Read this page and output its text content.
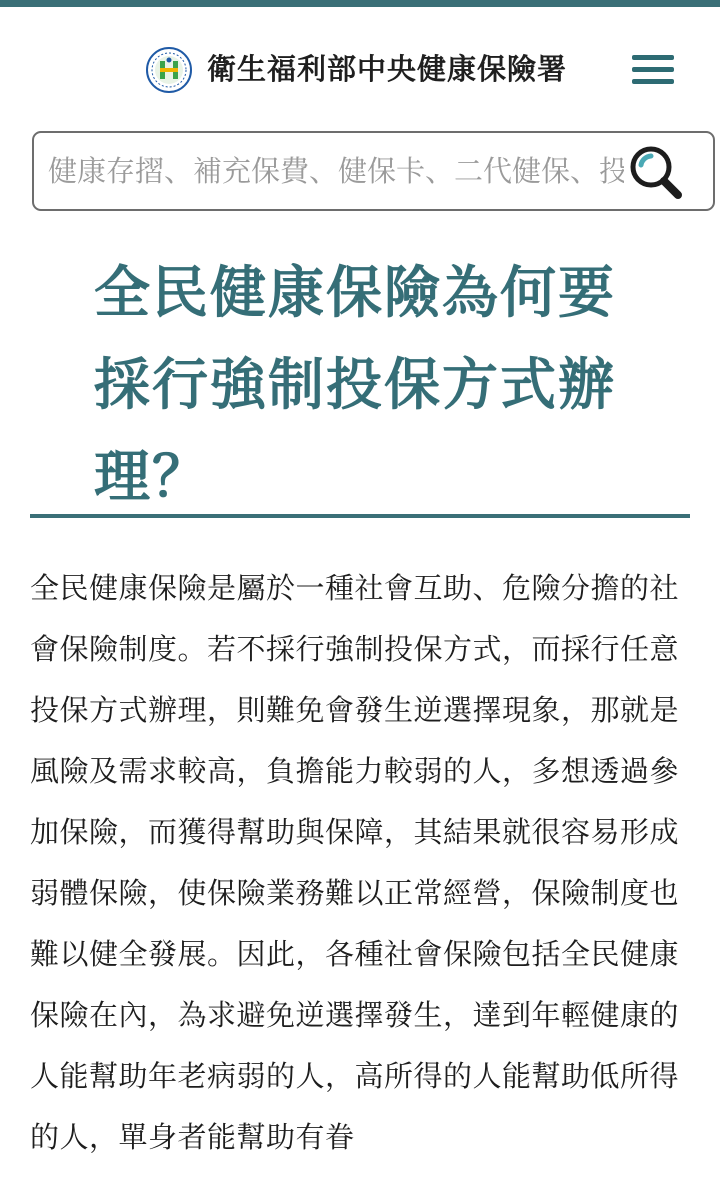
衛生福利部中央健康保險署
健康存摺、補充保費、健保卡、二代健保、投保
全民健康保險為何要採行強制投保方式辦理？

全民健康保險是屬於一種社會互助、危險分擔的社會保險制度。若不採行強制投保方式，而採行任意投保方式辦理，則難免會發生逆選擇現象，那就是風險及需求較高，負擔能力較弱的人，多想透過參加保險，而獲得幫助與保障，其結果就很容易形成弱體保險，使保險業務難以正常經營，保險制度也難以健全發展。因此，各種社會保險包括全民健康保險在內，為求避免逆選擇發生，達到年輕健康的人能幫助年老病弱的人，高所得的人能幫助低所得的人，單身者能幫助有眷
